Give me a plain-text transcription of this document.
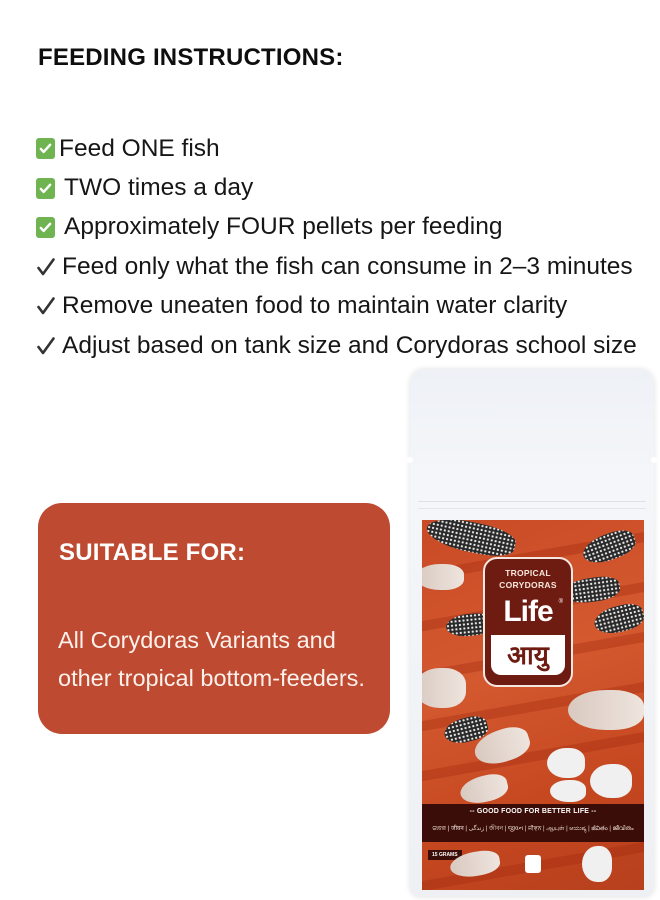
FEEDING INSTRUCTIONS:
Feed ONE fish
TWO times a day
Approximately FOUR pellets per feeding
Feed only what the fish can consume in 2–3 minutes
Remove uneaten food to maintain water clarity
Adjust based on tank size and Corydoras school size
SUITABLE FOR:

All Corydoras Variants and
other tropical bottom-feeders.

TROPICAL
CORYDORAS
Life ®
आयु
-- GOOD FOOD FOR BETTER LIFE --
ଜୀବନ | जीवन | زندگی | জীবন | જીવન | ਜੀਵਨ | ஆயுள் | ಆಯುಷ್ಯ | జీవితం | ജീവിതം
15 GRAMS
